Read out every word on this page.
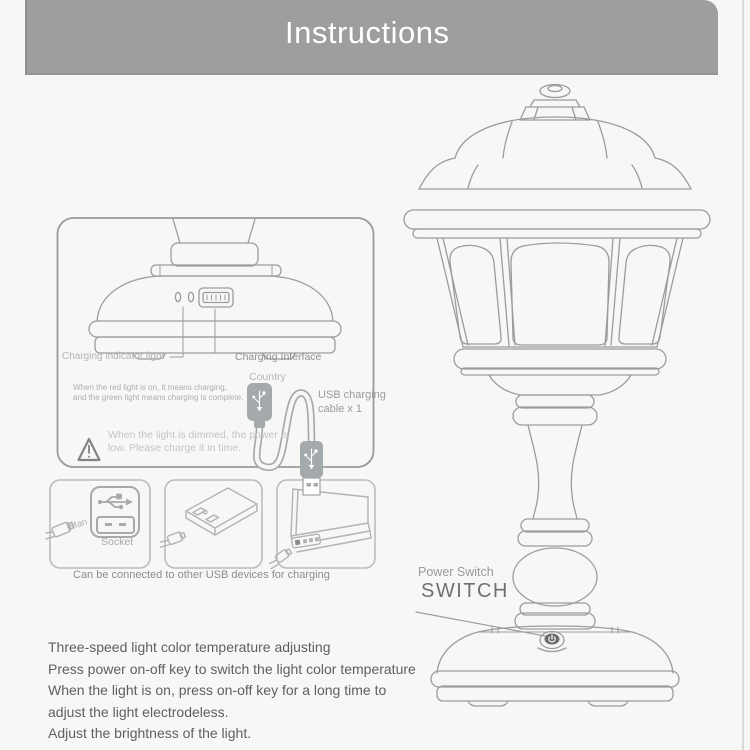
Instructions
Charging indicator light	Charging Interface
Country
When the red light is on, it means charging,
and the green light means charging is complete.	USB charging
cable x 1
When the light is dimmed, the power is low. Please charge it in time.
Man
Socket
Can be connected to other USB devices for charging	Power Switch
SWITCH
Three-speed light color temperature adjusting
Press power on-off key to switch the light color temperature
When the light is on, press on-off key for a long time to
adjust the light electrodeless.
Adjust the brightness of the light.
